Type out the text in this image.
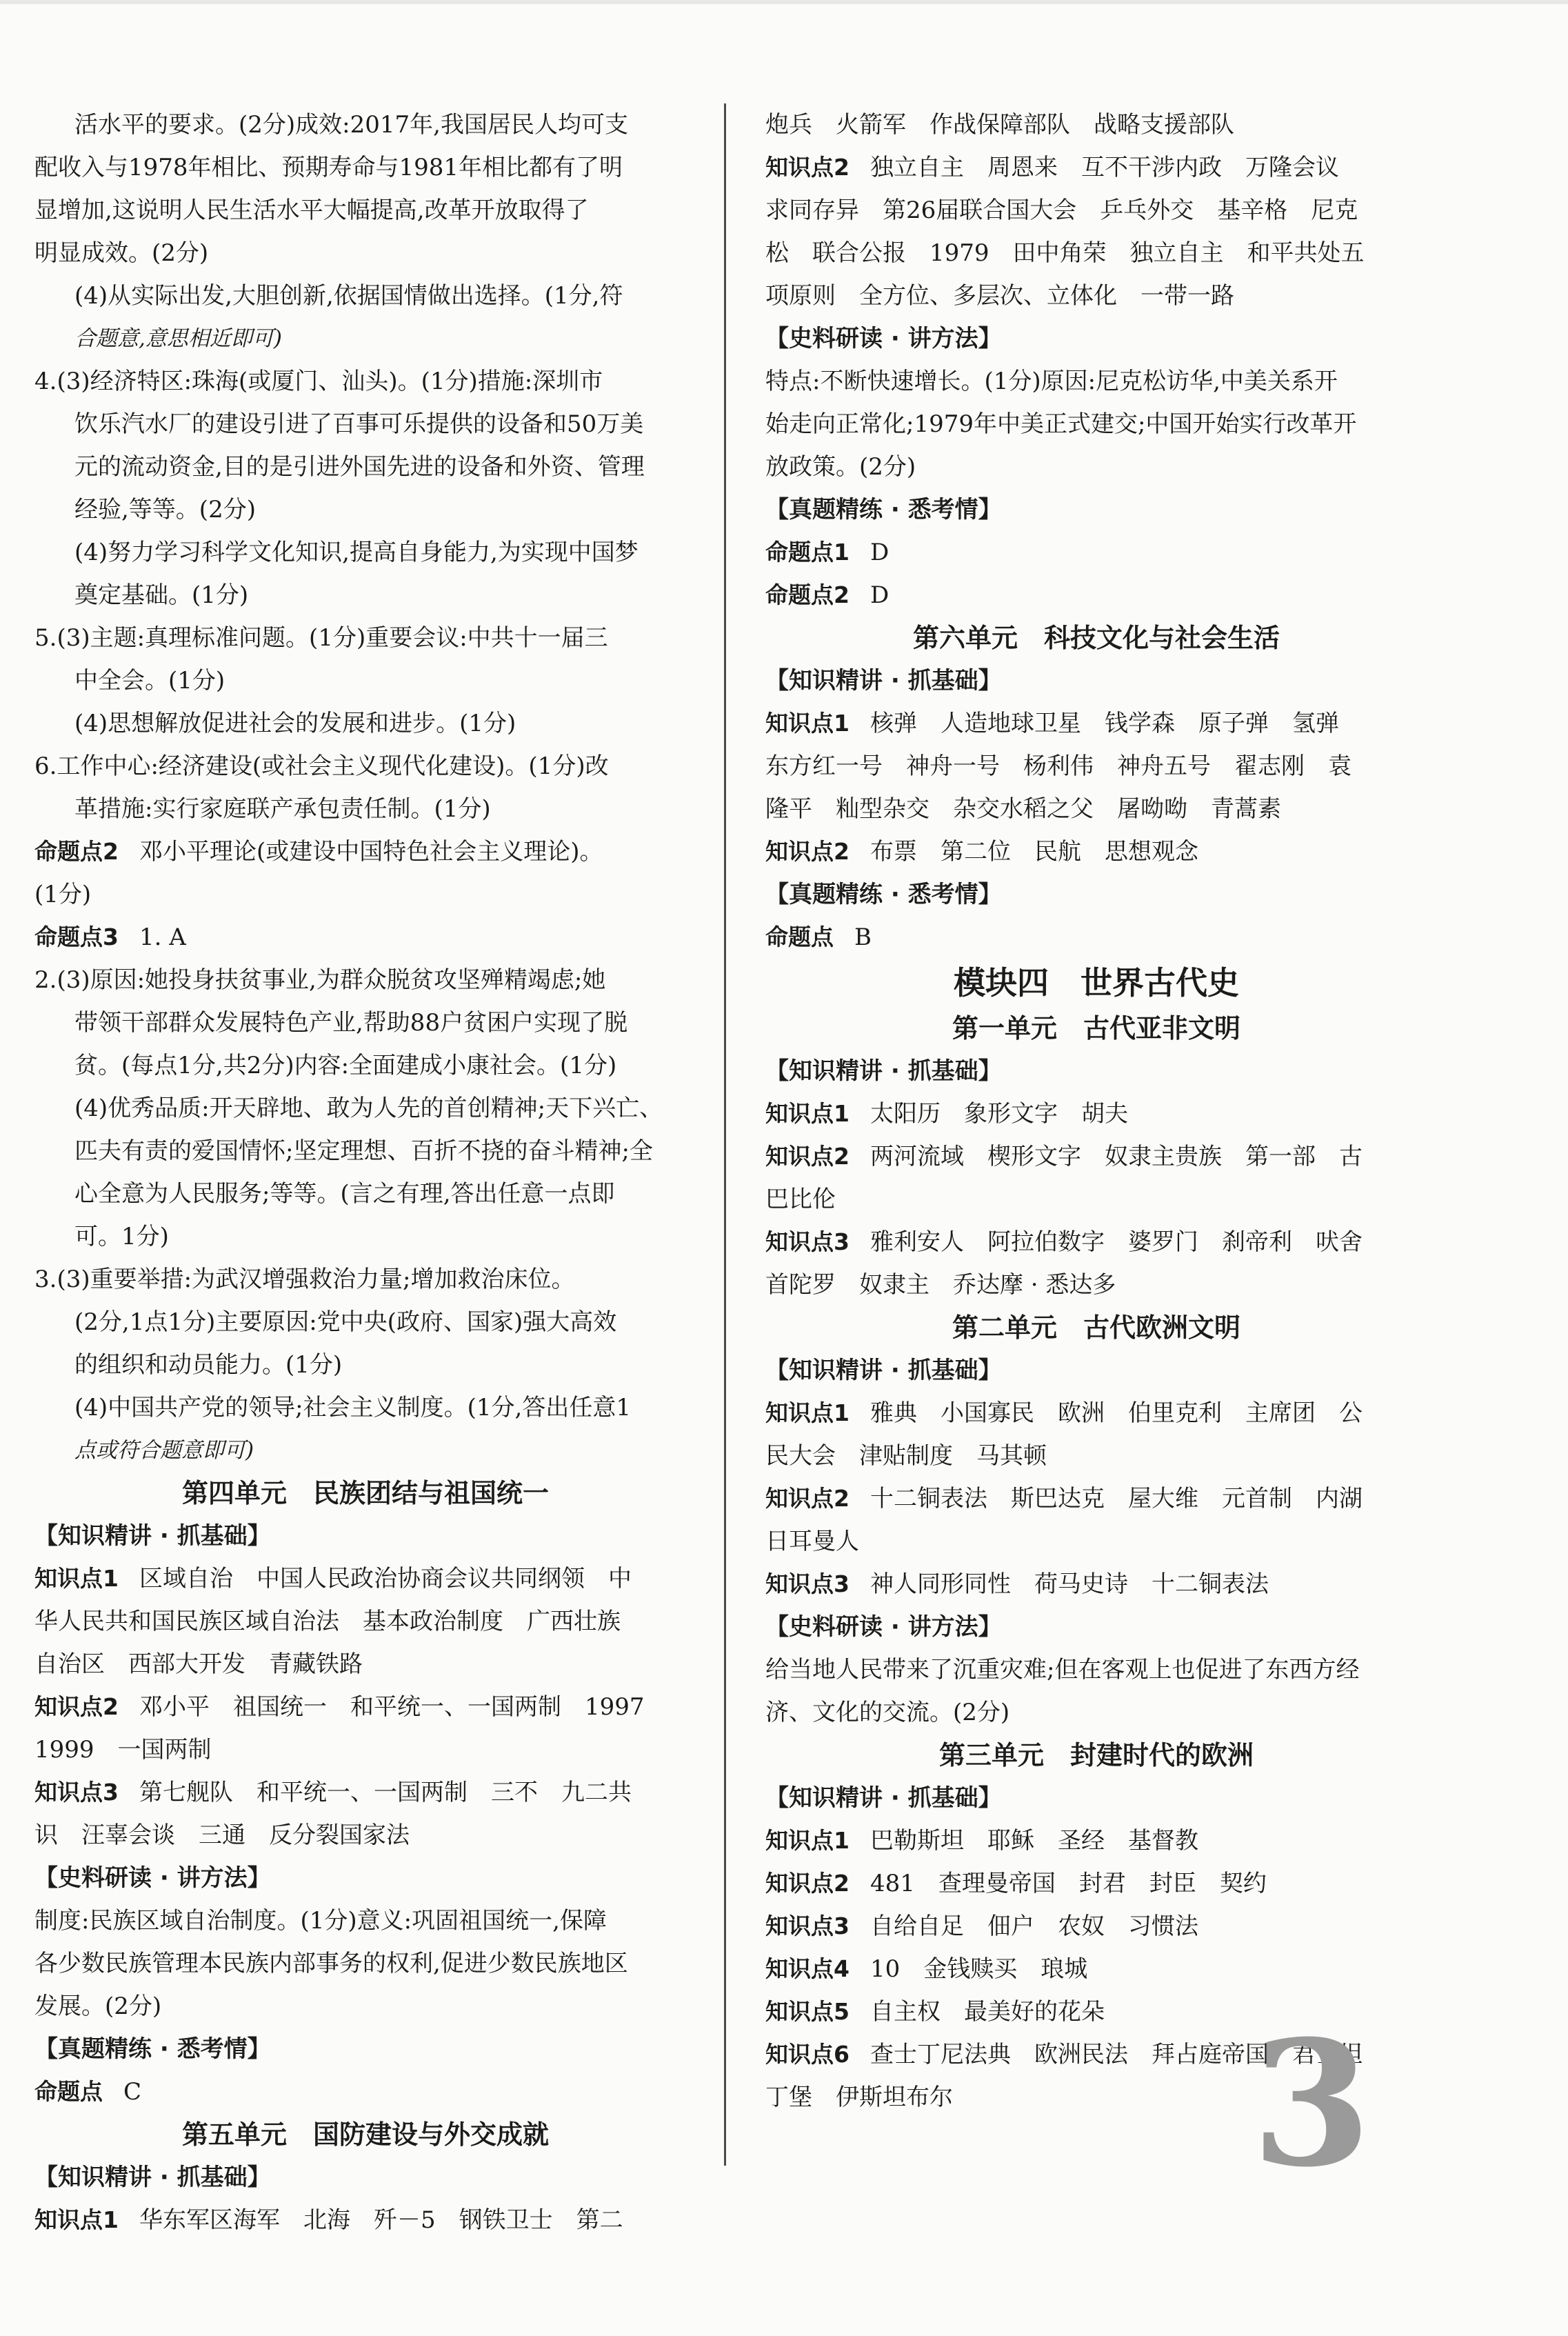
活水平的要求。(2分)成效:2017年,我国居民人均可支
配收入与1978年相比、预期寿命与1981年相比都有了明
显增加,这说明人民生活水平大幅提高,改革开放取得了
明显成效。(2分)
(4)从实际出发,大胆创新,依据国情做出选择。(1分,符
合题意,意思相近即可)
4.(3)经济特区:珠海(或厦门、汕头)。(1分)措施:深圳市
饮乐汽水厂的建设引进了百事可乐提供的设备和50万美
元的流动资金,目的是引进外国先进的设备和外资、管理
经验,等等。(2分)
(4)努力学习科学文化知识,提高自身能力,为实现中国梦
奠定基础。(1分)
5.(3)主题:真理标准问题。(1分)重要会议:中共十一届三
中全会。(1分)
(4)思想解放促进社会的发展和进步。(1分)
6.工作中心:经济建设(或社会主义现代化建设)。(1分)改
革措施:实行家庭联产承包责任制。(1分)
命题点2 邓小平理论(或建设中国特色社会主义理论)。
(1分)
命题点3 1. A
2.(3)原因:她投身扶贫事业,为群众脱贫攻坚殚精竭虑;她
带领干部群众发展特色产业,帮助88户贫困户实现了脱
贫。(每点1分,共2分)内容:全面建成小康社会。(1分)
(4)优秀品质:开天辟地、敢为人先的首创精神;天下兴亡、
匹夫有责的爱国情怀;坚定理想、百折不挠的奋斗精神;全
心全意为人民服务;等等。(言之有理,答出任意一点即
可。1分)
3.(3)重要举措:为武汉增强救治力量;增加救治床位。
(2分,1点1分)主要原因:党中央(政府、国家)强大高效
的组织和动员能力。(1分)
(4)中国共产党的领导;社会主义制度。(1分,答出任意1
点或符合题意即可)
第四单元　民族团结与祖国统一
【知识精讲 · 抓基础】
知识点1 区域自治　中国人民政治协商会议共同纲领　中
华人民共和国民族区域自治法　基本政治制度　广西壮族
自治区　西部大开发　青藏铁路
知识点2 邓小平　祖国统一　和平统一、一国两制　1997
1999　一国两制
知识点3 第七舰队　和平统一、一国两制　三不　九二共
识　汪辜会谈　三通　反分裂国家法
【史料研读 · 讲方法】
制度:民族区域自治制度。(1分)意义:巩固祖国统一,保障
各少数民族管理本民族内部事务的权利,促进少数民族地区
发展。(2分)
【真题精练 · 悉考情】
命题点 C
第五单元　国防建设与外交成就
【知识精讲 · 抓基础】
知识点1 华东军区海军　北海　歼－5　钢铁卫士　第二
炮兵　火箭军　作战保障部队　战略支援部队
知识点2 独立自主　周恩来　互不干涉内政　万隆会议
求同存异　第26届联合国大会　乒乓外交　基辛格　尼克
松　联合公报　1979　田中角荣　独立自主　和平共处五
项原则　全方位、多层次、立体化　一带一路
【史料研读 · 讲方法】
特点:不断快速增长。(1分)原因:尼克松访华,中美关系开
始走向正常化;1979年中美正式建交;中国开始实行改革开
放政策。(2分)
【真题精练 · 悉考情】
命题点1 D
命题点2 D
第六单元　科技文化与社会生活
【知识精讲 · 抓基础】
知识点1 核弹　人造地球卫星　钱学森　原子弹　氢弹
东方红一号　神舟一号　杨利伟　神舟五号　翟志刚　袁
隆平　籼型杂交　杂交水稻之父　屠呦呦　青蒿素
知识点2 布票　第二位　民航　思想观念
【真题精练 · 悉考情】
命题点 B
模块四　世界古代史
第一单元　古代亚非文明
【知识精讲 · 抓基础】
知识点1 太阳历　象形文字　胡夫
知识点2 两河流域　楔形文字　奴隶主贵族　第一部　古
巴比伦
知识点3 雅利安人　阿拉伯数字　婆罗门　刹帝利　吠舍
首陀罗　奴隶主　乔达摩 · 悉达多
第二单元　古代欧洲文明
【知识精讲 · 抓基础】
知识点1 雅典　小国寡民　欧洲　伯里克利　主席团　公
民大会　津贴制度　马其顿
知识点2 十二铜表法　斯巴达克　屋大维　元首制　内湖
日耳曼人
知识点3 神人同形同性　荷马史诗　十二铜表法
【史料研读 · 讲方法】
给当地人民带来了沉重灾难;但在客观上也促进了东西方经
济、文化的交流。(2分)
第三单元　封建时代的欧洲
【知识精讲 · 抓基础】
知识点1 巴勒斯坦　耶稣　圣经　基督教
知识点2 481　查理曼帝国　封君　封臣　契约
知识点3 自给自足　佃户　农奴　习惯法
知识点4 10　金钱赎买　琅城
知识点5 自主权　最美好的花朵
知识点6 查士丁尼法典　欧洲民法　拜占庭帝国　君士坦
丁堡　伊斯坦布尔	3
